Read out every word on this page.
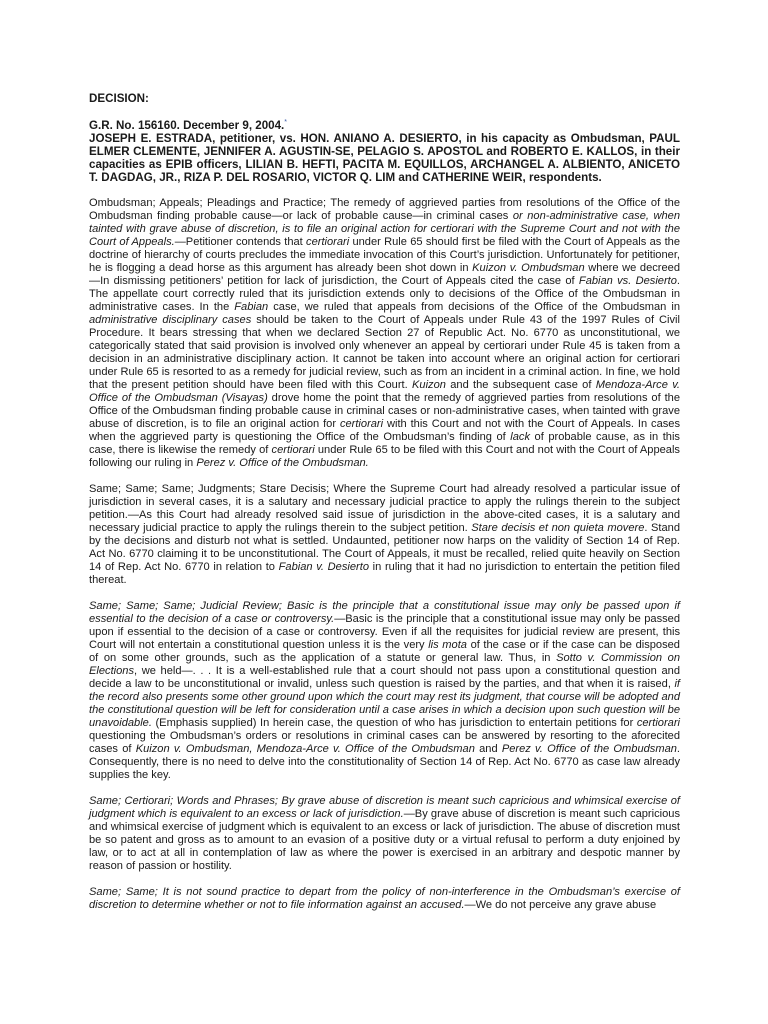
DECISION:

G.R. No. 156160. December 9, 2004.*

JOSEPH E. ESTRADA, petitioner, vs. HON. ANIANO A. DESIERTO, in his capacity as Ombudsman, PAUL ELMER CLEMENTE, JENNIFER A. AGUSTIN-SE, PELAGIO S. APOSTOL and ROBERTO E. KALLOS, in their capacities as EPIB officers, LILIAN B. HEFTI, PACITA M. EQUILLOS, ARCHANGEL A. ALBIENTO, ANICETO T. DAGDAG, JR., RIZA P. DEL ROSARIO, VICTOR Q. LIM and CATHERINE WEIR, respondents.

Ombudsman; Appeals; Pleadings and Practice; The remedy of aggrieved parties from resolutions of the Office of the Ombudsman finding probable cause—or lack of probable cause—in criminal cases or non-administrative case, when tainted with grave abuse of discretion, is to file an original action for certiorari with the Supreme Court and not with the Court of Appeals.—Petitioner contends that certiorari under Rule 65 should first be filed with the Court of Appeals as the doctrine of hierarchy of courts precludes the immediate invocation of this Court’s jurisdiction. Unfortunately for petitioner, he is flogging a dead horse as this argument has already been shot down in Kuizon v. Ombudsman where we decreed—In dismissing petitioners’ petition for lack of jurisdiction, the Court of Appeals cited the case of Fabian vs. Desierto. The appellate court correctly ruled that its jurisdiction extends only to decisions of the Office of the Ombudsman in administrative cases. In the Fabian case, we ruled that appeals from decisions of the Office of the Ombudsman in administrative disciplinary cases should be taken to the Court of Appeals under Rule 43 of the 1997 Rules of Civil Procedure. It bears stressing that when we declared Section 27 of Republic Act. No. 6770 as unconstitutional, we categorically stated that said provision is involved only whenever an appeal by certiorari under Rule 45 is taken from a decision in an administrative disciplinary action. It cannot be taken into account where an original action for certiorari under Rule 65 is resorted to as a remedy for judicial review, such as from an incident in a criminal action. In fine, we hold that the present petition should have been filed with this Court. Kuizon and the subsequent case of Mendoza-Arce v. Office of the Ombudsman (Visayas) drove home the point that the remedy of aggrieved parties from resolutions of the Office of the Ombudsman finding probable cause in criminal cases or non-administrative cases, when tainted with grave abuse of discretion, is to file an original action for certiorari with this Court and not with the Court of Appeals. In cases when the aggrieved party is questioning the Office of the Ombudsman’s finding of lack of probable cause, as in this case, there is likewise the remedy of certiorari under Rule 65 to be filed with this Court and not with the Court of Appeals following our ruling in Perez v. Office of the Ombudsman.

Same; Same; Same; Judgments; Stare Decisis; Where the Supreme Court had already resolved a particular issue of jurisdiction in several cases, it is a salutary and necessary judicial practice to apply the rulings therein to the subject petition.—As this Court had already resolved said issue of jurisdiction in the above-cited cases, it is a salutary and necessary judicial practice to apply the rulings therein to the subject petition. Stare decisis et non quieta movere. Stand by the decisions and disturb not what is settled. Undaunted, petitioner now harps on the validity of Section 14 of Rep. Act No. 6770 claiming it to be unconstitutional. The Court of Appeals, it must be recalled, relied quite heavily on Section 14 of Rep. Act No. 6770 in relation to Fabian v. Desierto in ruling that it had no jurisdiction to entertain the petition filed thereat.

Same; Same; Same; Judicial Review; Basic is the principle that a constitutional issue may only be passed upon if essential to the decision of a case or controversy.—Basic is the principle that a constitutional issue may only be passed upon if essential to the decision of a case or controversy. Even if all the requisites for judicial review are present, this Court will not entertain a constitutional question unless it is the very lis mota of the case or if the case can be disposed of on some other grounds, such as the application of a statute or general law. Thus, in Sotto v. Commission on Elections, we held—. . . It is a well-established rule that a court should not pass upon a constitutional question and decide a law to be unconstitutional or invalid, unless such question is raised by the parties, and that when it is raised, if the record also presents some other ground upon which the court may rest its judgment, that course will be adopted and the constitutional question will be left for consideration until a case arises in which a decision upon such question will be unavoidable. (Emphasis supplied) In herein case, the question of who has jurisdiction to entertain petitions for certiorari questioning the Ombudsman’s orders or resolutions in criminal cases can be answered by resorting to the aforecited cases of Kuizon v. Ombudsman, Mendoza-Arce v. Office of the Ombudsman and Perez v. Office of the Ombudsman. Consequently, there is no need to delve into the constitutionality of Section 14 of Rep. Act No. 6770 as case law already supplies the key.

Same; Certiorari; Words and Phrases; By grave abuse of discretion is meant such capricious and whimsical exercise of judgment which is equivalent to an excess or lack of jurisdiction.—By grave abuse of discretion is meant such capricious and whimsical exercise of judgment which is equivalent to an excess or lack of jurisdiction. The abuse of discretion must be so patent and gross as to amount to an evasion of a positive duty or a virtual refusal to perform a duty enjoined by law, or to act at all in contemplation of law as where the power is exercised in an arbitrary and despotic manner by reason of passion or hostility.

Same; Same; It is not sound practice to depart from the policy of non-interference in the Ombudsman’s exercise of discretion to determine whether or not to file information against an accused.—We do not perceive any grave abuse
